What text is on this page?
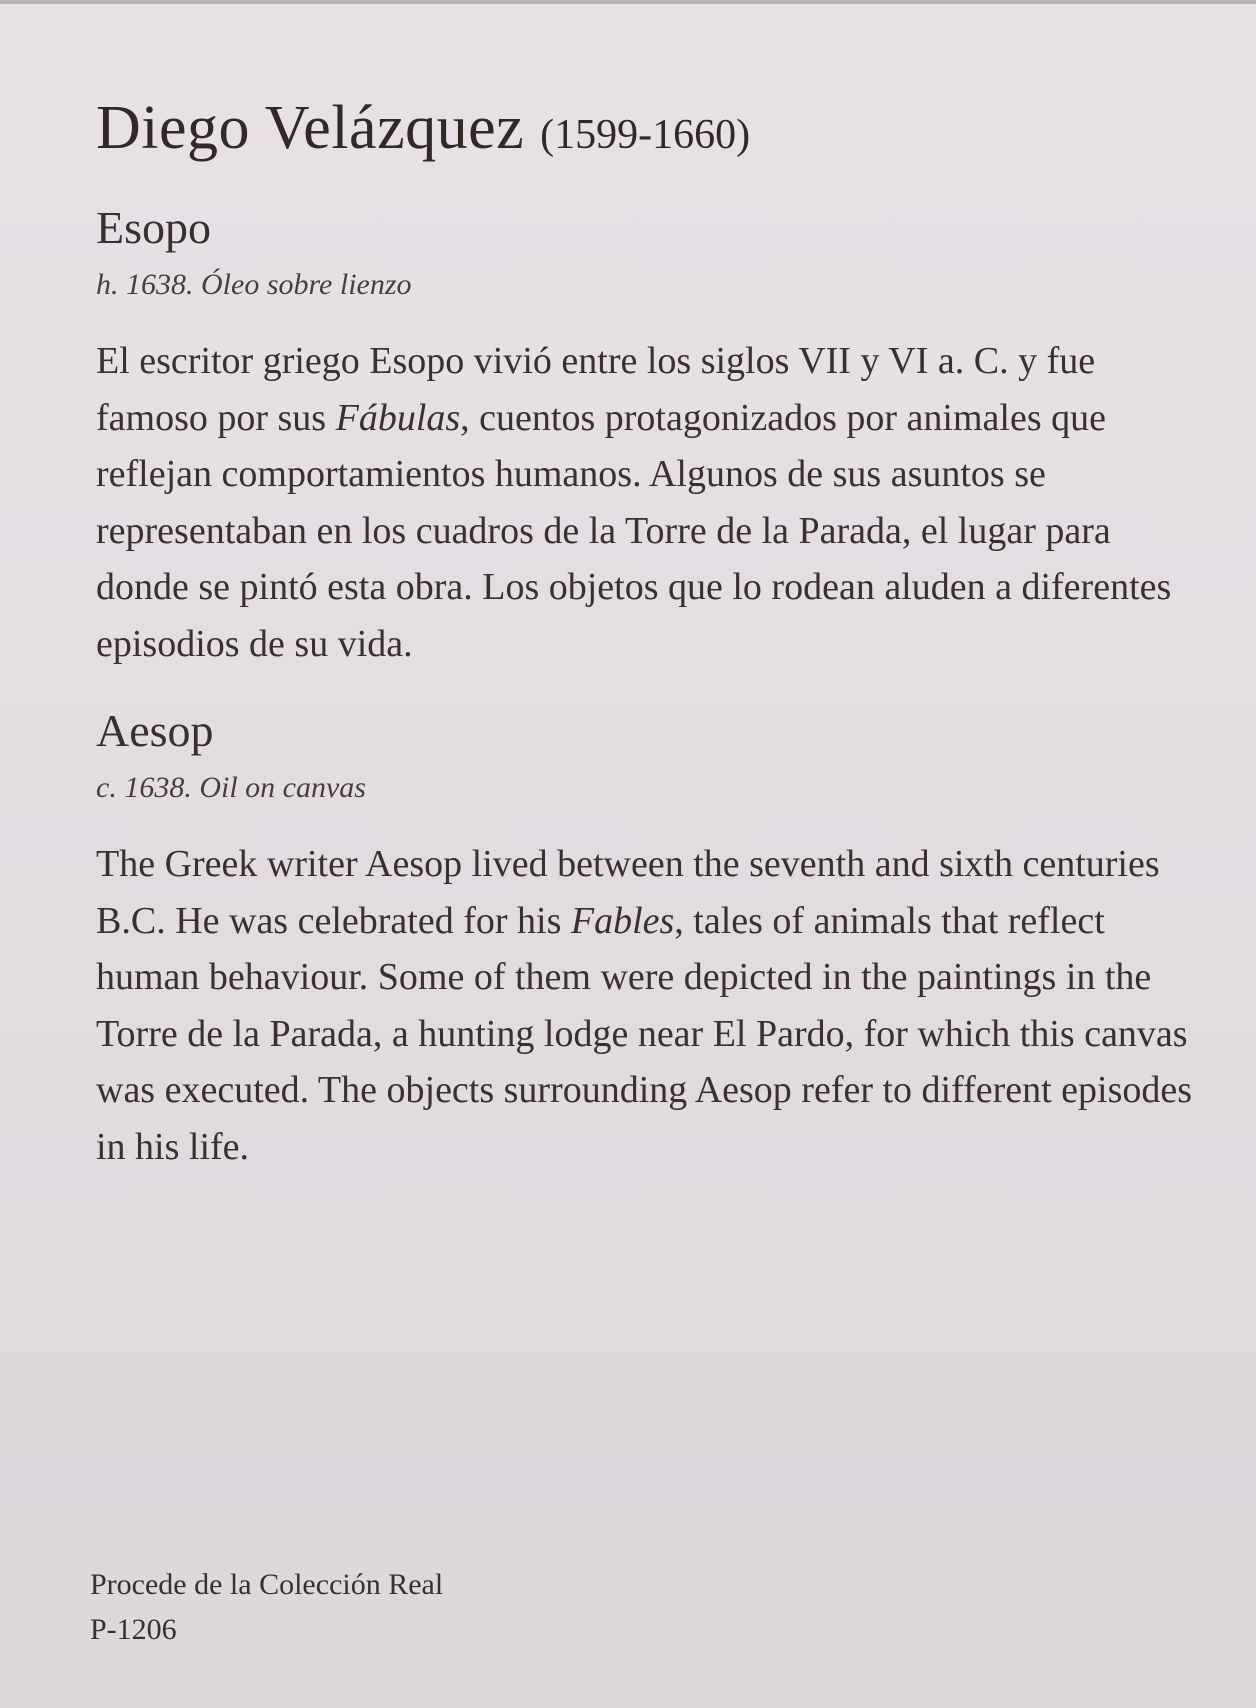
Diego Velázquez (1599-1660)
Esopo

h. 1638. Óleo sobre lienzo

El escritor griego Esopo vivió entre los siglos VII y VI a. C. y fue famoso por sus Fábulas, cuentos protagonizados por animales que reflejan comportamientos humanos. Algunos de sus asuntos se representaban en los cuadros de la Torre de la Parada, el lugar para donde se pintó esta obra. Los objetos que lo rodean aluden a diferentes episodios de su vida.

Aesop

c. 1638. Oil on canvas

The Greek writer Aesop lived between the seventh and sixth centuries B.C. He was celebrated for his Fables, tales of animals that reflect human behaviour. Some of them were depicted in the paintings in the Torre de la Parada, a hunting lodge near El Pardo, for which this canvas was executed. The objects surrounding Aesop refer to different episodes in his life.

Procede de la Colección Real
P-1206
